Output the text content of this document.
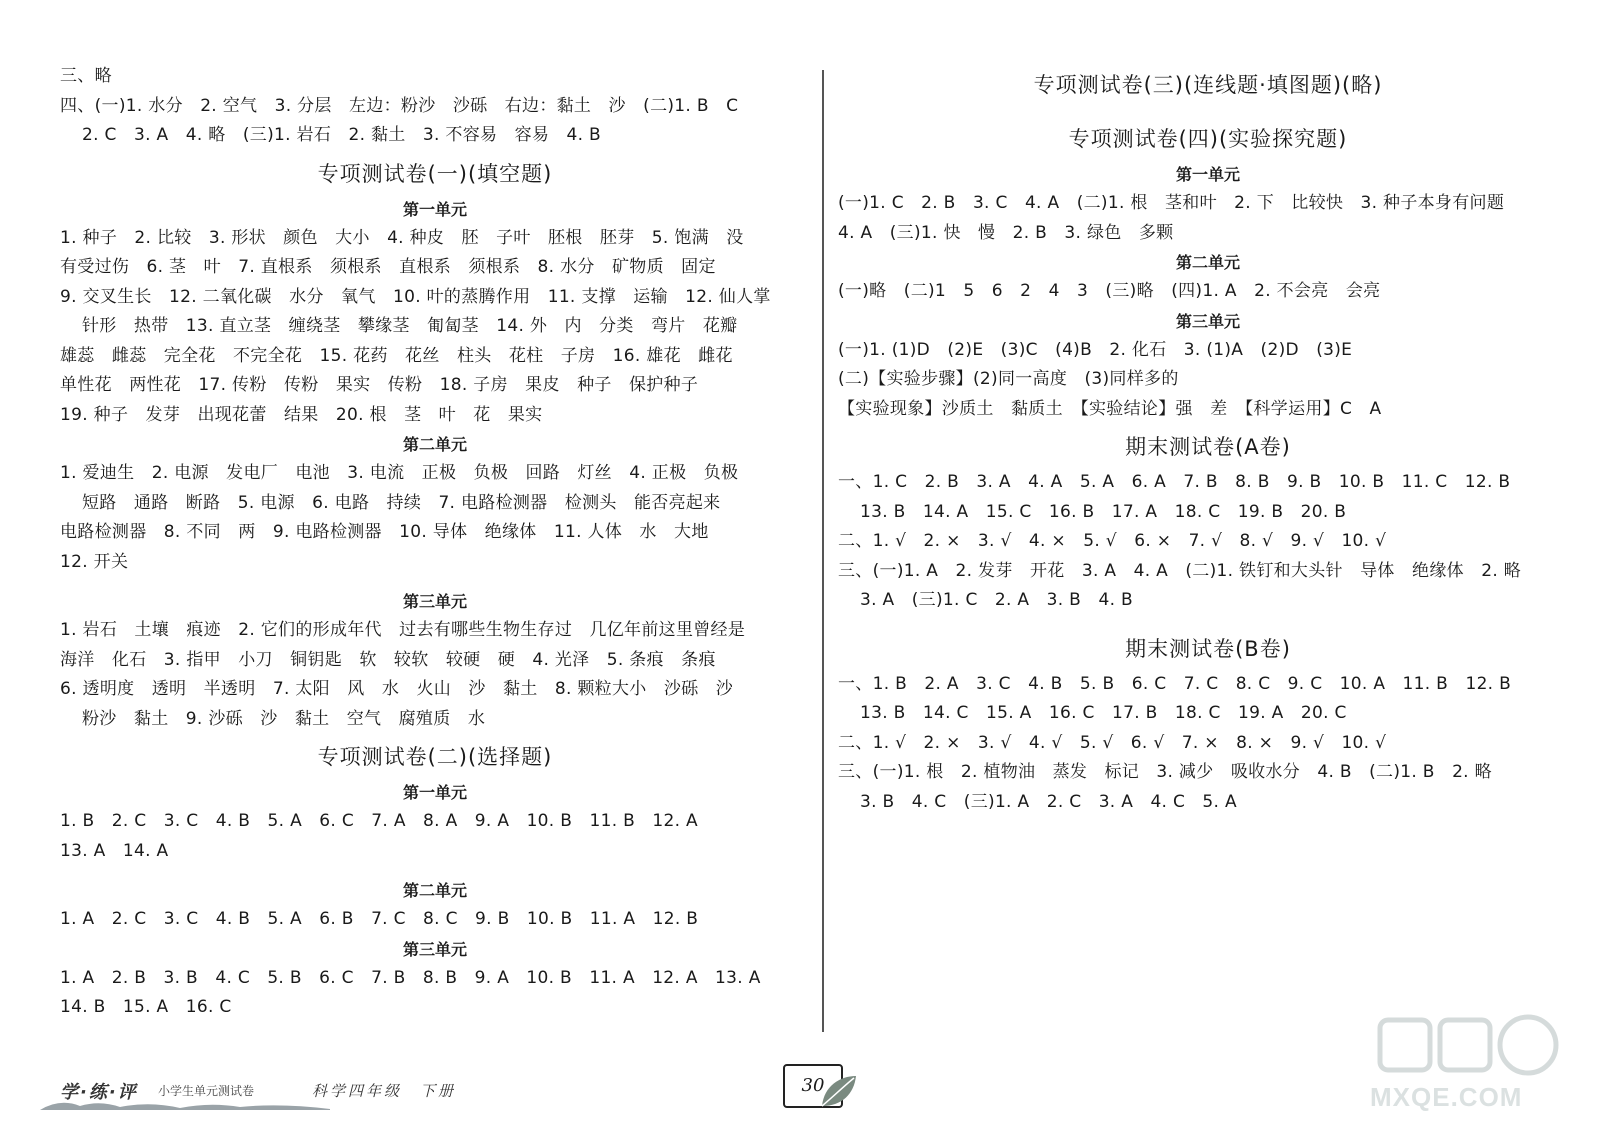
三、略
四、(一)1. 水分　2. 空气　3. 分层　左边：粉沙　沙砾　右边：黏土　沙　(二)1. B　C
2. C　3. A　4. 略　(三)1. 岩石　2. 黏土　3. 不容易　容易　4. B
专项测试卷(一)(填空题)
第一单元
1. 种子　2. 比较　3. 形状　颜色　大小　4. 种皮　胚　子叶　胚根　胚芽　5. 饱满　没
有受过伤　6. 茎　叶　7. 直根系　须根系　直根系　须根系　8. 水分　矿物质　固定
9. 交叉生长　12. 二氧化碳　水分　氧气　10. 叶的蒸腾作用　11. 支撑　运输　12. 仙人掌
针形　热带　13. 直立茎　缠绕茎　攀缘茎　匍匐茎　14. 外　内　分类　弯片　花瓣
雄蕊　雌蕊　完全花　不完全花　15. 花药　花丝　柱头　花柱　子房　16. 雄花　雌花
单性花　两性花　17. 传粉　传粉　果实　传粉　18. 子房　果皮　种子　保护种子
19. 种子　发芽　出现花蕾　结果　20. 根　茎　叶　花　果实
第二单元
1. 爱迪生　2. 电源　发电厂　电池　3. 电流　正极　负极　回路　灯丝　4. 正极　负极
短路　通路　断路　5. 电源　6. 电路　持续　7. 电路检测器　检测头　能否亮起来
电路检测器　8. 不同　两　9. 电路检测器　10. 导体　绝缘体　11. 人体　水　大地
12. 开关
第三单元
1. 岩石　土壤　痕迹　2. 它们的形成年代　过去有哪些生物生存过　几亿年前这里曾经是
海洋　化石　3. 指甲　小刀　铜钥匙　软　较软　较硬　硬　4. 光泽　5. 条痕　条痕
6. 透明度　透明　半透明　7. 太阳　风　水　火山　沙　黏土　8. 颗粒大小　沙砾　沙
粉沙　黏土　9. 沙砾　沙　黏土　空气　腐殖质　水
专项测试卷(二)(选择题)
第一单元
1. B　2. C　3. C　4. B　5. A　6. C　7. A　8. A　9. A　10. B　11. B　12. A
13. A　14. A
第二单元
1. A　2. C　3. C　4. B　5. A　6. B　7. C　8. C　9. B　10. B　11. A　12. B
第三单元
1. A　2. B　3. B　4. C　5. B　6. C　7. B　8. B　9. A　10. B　11. A　12. A　13. A
14. B　15. A　16. C
专项测试卷(三)(连线题·填图题)(略)
专项测试卷(四)(实验探究题)
第一单元
(一)1. C　2. B　3. C　4. A　(二)1. 根　茎和叶　2. 下　比较快　3. 种子本身有问题
4. A　(三)1. 快　慢　2. B　3. 绿色　多颗
第二单元
(一)略　(二)1　5　6　2　4　3　(三)略　(四)1. A　2. 不会亮　会亮
第三单元
(一)1. (1)D　(2)E　(3)C　(4)B　2. 化石　3. (1)A　(2)D　(3)E
(二)【实验步骤】(2)同一高度　(3)同样多的
【实验现象】沙质土　黏质土　【实验结论】强　差　【科学运用】C　A
期末测试卷(A卷)
一、1. C　2. B　3. A　4. A　5. A　6. A　7. B　8. B　9. B　10. B　11. C　12. B
13. B　14. A　15. C　16. B　17. A　18. C　19. B　20. B
二、1. √　2. ×　3. √　4. ×　5. √　6. ×　7. √　8. √　9. √　10. √
三、(一)1. A　2. 发芽　开花　3. A　4. A　(二)1. 铁钉和大头针　导体　绝缘体　2. 略
3. A　(三)1. C　2. A　3. B　4. B
期末测试卷(B卷)
一、1. B　2. A　3. C　4. B　5. B　6. C　7. C　8. C　9. C　10. A　11. B　12. B
13. B　14. C　15. A　16. C　17. B　18. C　19. A　20. C
二、1. √　2. ×　3. √　4. √　5. √　6. √　7. ×　8. ×　9. √　10. √
三、(一)1. 根　2. 植物油　蒸发　标记　3. 减少　吸收水分　4. B　(二)1. B　2. 略
3. B　4. C　(三)1. A　2. C　3. A　4. C　5. A
学·练·评 小学生单元测试卷	科学四年级　下册	30	MXQE.COM
